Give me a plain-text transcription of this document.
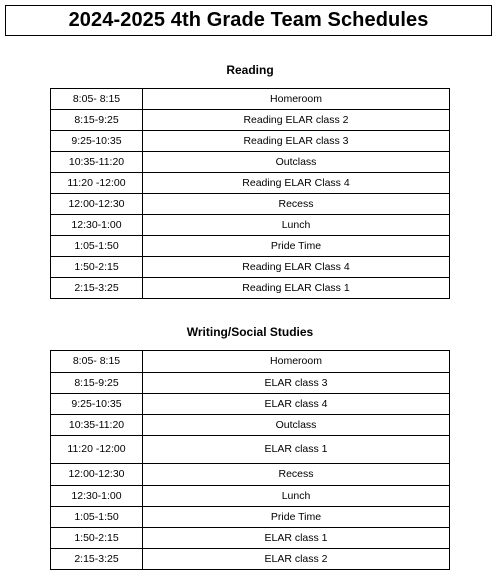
2024-2025 4th Grade Team Schedules
Reading
8:05- 8:15	Homeroom
8:15-9:25	Reading ELAR class 2
9:25-10:35	Reading ELAR class 3
10:35-11:20	Outclass
11:20 -12:00	Reading ELAR Class 4
12:00-12:30	Recess
12:30-1:00	Lunch
1:05-1:50	Pride Time
1:50-2:15	Reading ELAR Class 4
2:15-3:25	Reading ELAR Class 1
Writing/Social Studies
8:05- 8:15	Homeroom
8:15-9:25	ELAR class 3
9:25-10:35	ELAR class 4
10:35-11:20	Outclass
11:20 -12:00	ELAR class 1
12:00-12:30	Recess
12:30-1:00	Lunch
1:05-1:50	Pride Time
1:50-2:15	ELAR class 1
2:15-3:25	ELAR class 2
